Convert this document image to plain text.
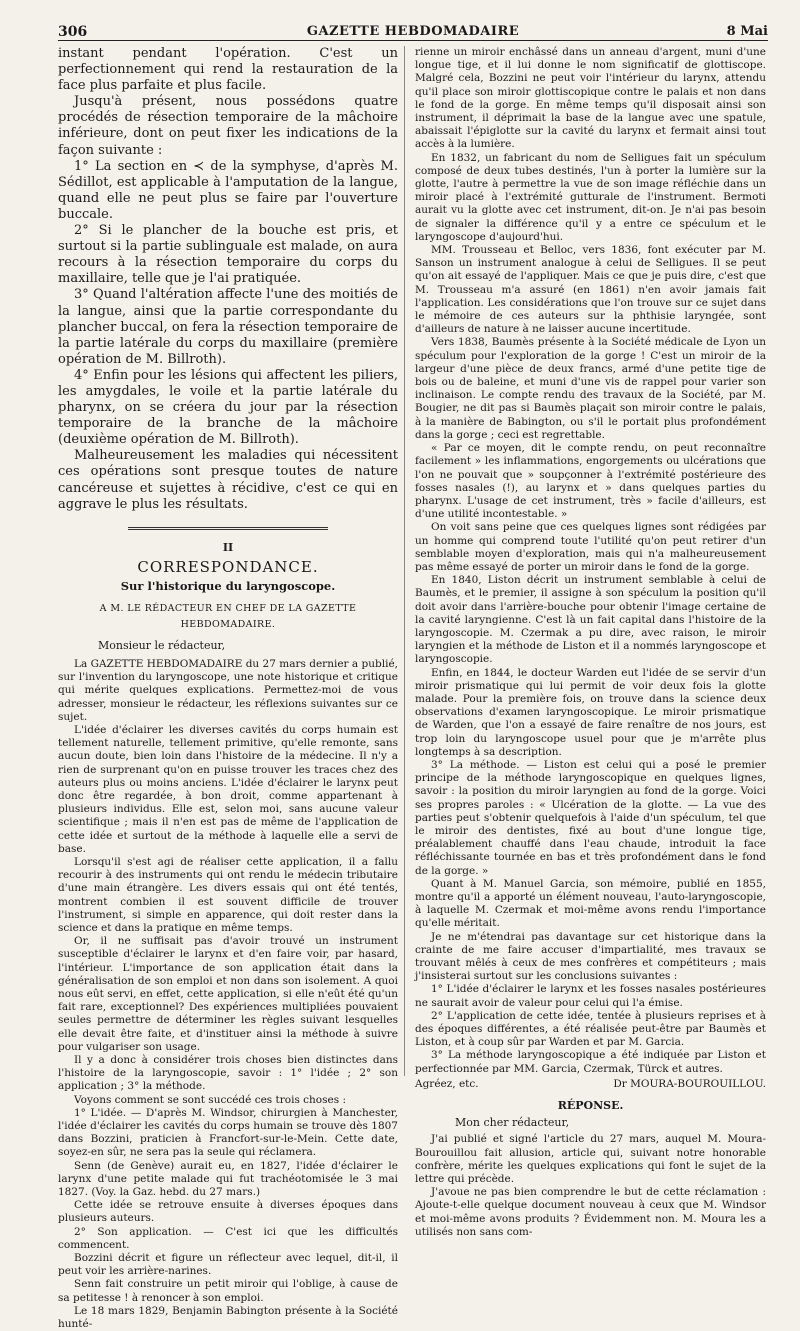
306	GAZETTE HEBDOMADAIRE	8 Mai

instant pendant l'opération. C'est un perfectionnement qui rend la restauration de la face plus parfaite et plus facile.

Jusqu'à présent, nous possédons quatre procédés de résection temporaire de la mâchoire inférieure, dont on peut fixer les indications de la façon suivante :

1° La section en ≺ de la symphyse, d'après M. Sédillot, est applicable à l'amputation de la langue, quand elle ne peut plus se faire par l'ouverture buccale.

2° Si le plancher de la bouche est pris, et surtout si la partie sublinguale est malade, on aura recours à la résection temporaire du corps du maxillaire, telle que je l'ai pratiquée.

3° Quand l'altération affecte l'une des moitiés de la langue, ainsi que la partie correspondante du plancher buccal, on fera la résection temporaire de la partie latérale du corps du maxillaire (première opération de M. Billroth).

4° Enfin pour les lésions qui affectent les piliers, les amygdales, le voile et la partie latérale du pharynx, on se créera du jour par la résection temporaire de la branche de la mâchoire (deuxième opération de M. Billroth).

Malheureusement les maladies qui nécessitent ces opérations sont presque toutes de nature cancéreuse et sujettes à récidive, c'est ce qui en aggrave le plus les résultats.

II
CORRESPONDANCE.
Sur l'historique du laryngoscope.
A M. LE RÉDACTEUR EN CHEF DE LA GAZETTE HEBDOMADAIRE.

Monsieur le rédacteur,

La GAZETTE HEBDOMADAIRE du 27 mars dernier a publié, sur l'invention du laryngoscope, une note historique et critique qui mérite quelques explications. Permettez-moi de vous adresser, monsieur le rédacteur, les réflexions suivantes sur ce sujet.

L'idée d'éclairer les diverses cavités du corps humain est tellement naturelle, tellement primitive, qu'elle remonte, sans aucun doute, bien loin dans l'histoire de la médecine. Il n'y a rien de surprenant qu'on en puisse trouver les traces chez des auteurs plus ou moins anciens. L'idée d'éclairer le larynx peut donc être regardée, à bon droit, comme appartenant à plusieurs individus. Elle est, selon moi, sans aucune valeur scientifique ; mais il n'en est pas de même de l'application de cette idée et surtout de la méthode à laquelle elle a servi de base.

Lorsqu'il s'est agi de réaliser cette application, il a fallu recourir à des instruments qui ont rendu le médecin tributaire d'une main étrangère. Les divers essais qui ont été tentés, montrent combien il est souvent difficile de trouver l'instrument, si simple en apparence, qui doit rester dans la science et dans la pratique en même temps.

Or, il ne suffisait pas d'avoir trouvé un instrument susceptible d'éclairer le larynx et d'en faire voir, par hasard, l'intérieur. L'importance de son application était dans la généralisation de son emploi et non dans son isolement. A quoi nous eût servi, en effet, cette application, si elle n'eût été qu'un fait rare, exceptionnel? Des expériences multipliées pouvaient seules permettre de déterminer les règles suivant lesquelles elle devait être faite, et d'instituer ainsi la méthode à suivre pour vulgariser son usage.

Il y a donc à considérer trois choses bien distinctes dans l'histoire de la laryngoscopie, savoir : 1° l'idée ; 2° son application ; 3° la méthode.

Voyons comment se sont succédé ces trois choses :

1° L'idée. — D'après M. Windsor, chirurgien à Manchester, l'idée d'éclairer les cavités du corps humain se trouve dès 1807 dans Bozzini, praticien à Francfort-sur-le-Mein. Cette date, soyez-en sûr, ne sera pas la seule qui réclamera.

Senn (de Genève) aurait eu, en 1827, l'idée d'éclairer le larynx d'une petite malade qui fut trachéotomisée le 3 mai 1827. (Voy. la Gaz. hebd. du 27 mars.)

Cette idée se retrouve ensuite à diverses époques dans plusieurs auteurs.

2° Son application. — C'est ici que les difficultés commencent.

Bozzini décrit et figure un réflecteur avec lequel, dit-il, il peut voir les arrière-narines.

Senn fait construire un petit miroir qui l'oblige, à cause de sa petitesse ! à renoncer à son emploi.

Le 18 mars 1829, Benjamin Babington présente à la Société hunté-

rienne un miroir enchâssé dans un anneau d'argent, muni d'une longue tige, et il lui donne le nom significatif de glottiscope. Malgré cela, Bozzini ne peut voir l'intérieur du larynx, attendu qu'il place son miroir glottiscopique contre le palais et non dans le fond de la gorge. En même temps qu'il disposait ainsi son instrument, il déprimait la base de la langue avec une spatule, abaissait l'épiglotte sur la cavité du larynx et fermait ainsi tout accès à la lumière.

En 1832, un fabricant du nom de Selligues fait un spéculum composé de deux tubes destinés, l'un à porter la lumière sur la glotte, l'autre à permettre la vue de son image réfléchie dans un miroir placé à l'extrémité gutturale de l'instrument. Bermoti aurait vu la glotte avec cet instrument, dit-on. Je n'ai pas besoin de signaler la différence qu'il y a entre ce spéculum et le laryngoscope d'aujourd'hui.

MM. Trousseau et Belloc, vers 1836, font exécuter par M. Sanson un instrument analogue à celui de Selligues. Il se peut qu'on ait essayé de l'appliquer. Mais ce que je puis dire, c'est que M. Trousseau m'a assuré (en 1861) n'en avoir jamais fait l'application. Les considérations que l'on trouve sur ce sujet dans le mémoire de ces auteurs sur la phthisie laryngée, sont d'ailleurs de nature à ne laisser aucune incertitude.

Vers 1838, Baumès présente à la Société médicale de Lyon un spéculum pour l'exploration de la gorge ! C'est un miroir de la largeur d'une pièce de deux francs, armé d'une petite tige de bois ou de baleine, et muni d'une vis de rappel pour varier son inclinaison. Le compte rendu des travaux de la Société, par M. Bougier, ne dit pas si Baumès plaçait son miroir contre le palais, à la manière de Babington, ou s'il le portait plus profondément dans la gorge ; ceci est regrettable.

« Par ce moyen, dit le compte rendu, on peut reconnaître facilement » les inflammations, engorgements ou ulcérations que l'on ne pouvait que » soupçonner à l'extrémité postérieure des fosses nasales (!), au larynx et » dans quelques parties du pharynx. L'usage de cet instrument, très » facile d'ailleurs, est d'une utilité incontestable. »

On voit sans peine que ces quelques lignes sont rédigées par un homme qui comprend toute l'utilité qu'on peut retirer d'un semblable moyen d'exploration, mais qui n'a malheureusement pas même essayé de porter un miroir dans le fond de la gorge.

En 1840, Liston décrit un instrument semblable à celui de Baumès, et le premier, il assigne à son spéculum la position qu'il doit avoir dans l'arrière-bouche pour obtenir l'image certaine de la cavité laryngienne. C'est là un fait capital dans l'histoire de la laryngoscopie. M. Czermak a pu dire, avec raison, le miroir laryngien et la méthode de Liston et il a nommés laryngoscope et laryngoscopie.

Enfin, en 1844, le docteur Warden eut l'idée de se servir d'un miroir prismatique qui lui permit de voir deux fois la glotte malade. Pour la première fois, on trouve dans la science deux observations d'examen laryngoscopique. Le miroir prismatique de Warden, que l'on a essayé de faire renaître de nos jours, est trop loin du laryngoscope usuel pour que je m'arrête plus longtemps à sa description.

3° La méthode. — Liston est celui qui a posé le premier principe de la méthode laryngoscopique en quelques lignes, savoir : la position du miroir laryngien au fond de la gorge. Voici ses propres paroles : « Ulcération de la glotte. — La vue des parties peut s'obtenir quelquefois à l'aide d'un spéculum, tel que le miroir des dentistes, fixé au bout d'une longue tige, préalablement chauffé dans l'eau chaude, introduit la face réfléchissante tournée en bas et très profondément dans le fond de la gorge. »

Quant à M. Manuel Garcia, son mémoire, publié en 1855, montre qu'il a apporté un élément nouveau, l'auto-laryngoscopie, à laquelle M. Czermak et moi-même avons rendu l'importance qu'elle méritait.

Je ne m'étendrai pas davantage sur cet historique dans la crainte de me faire accuser d'impartialité, mes travaux se trouvant mêlés à ceux de mes confrères et compétiteurs ; mais j'insisterai surtout sur les conclusions suivantes :

1° L'idée d'éclairer le larynx et les fosses nasales postérieures ne saurait avoir de valeur pour celui qui l'a émise.

2° L'application de cette idée, tentée à plusieurs reprises et à des époques différentes, a été réalisée peut-être par Baumès et Liston, et à coup sûr par Warden et par M. Garcia.

3° La méthode laryngoscopique a été indiquée par Liston et perfectionnée par MM. Garcia, Czermak, Türck et autres.

Agréez, etc.	Dr MOURA-BOUROUILLOU.
RÉPONSE.

Mon cher rédacteur,

J'ai publié et signé l'article du 27 mars, auquel M. Moura-Bourouillou fait allusion, article qui, suivant notre honorable confrère, mérite les quelques explications qui font le sujet de la lettre qui précède.

J'avoue ne pas bien comprendre le but de cette réclamation : Ajoute-t-elle quelque document nouveau à ceux que M. Windsor et moi-même avons produits ? Évidemment non. M. Moura les a utilisés non sans com-
